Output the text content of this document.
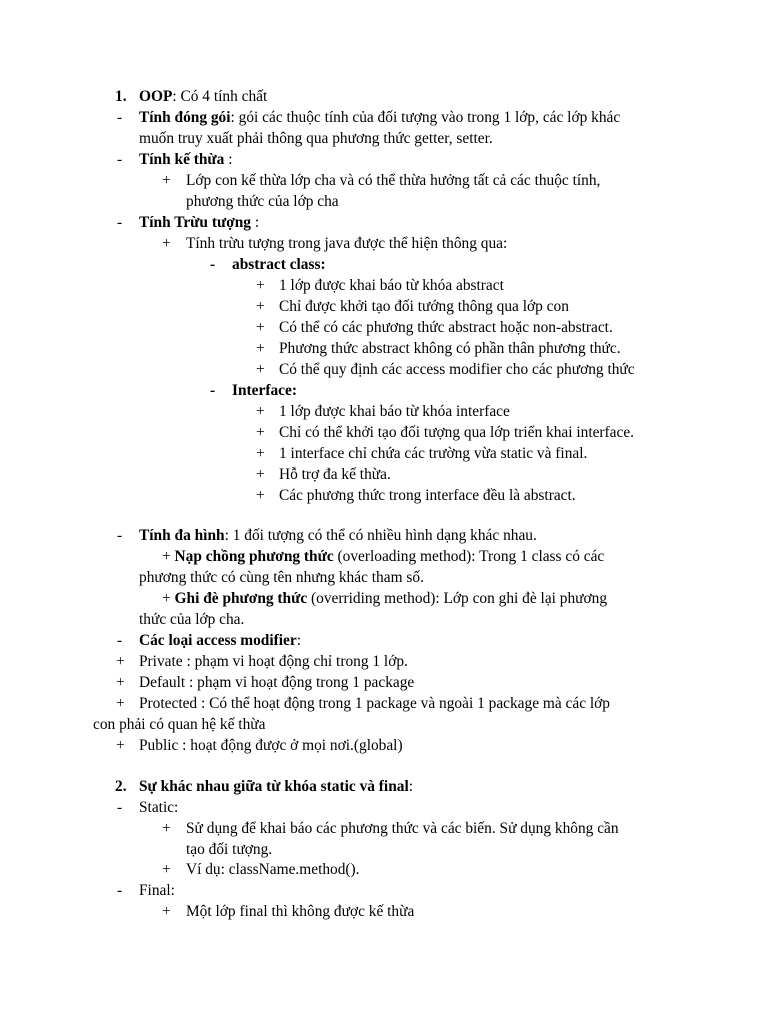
1. OOP: Có 4 tính chất
- Tính đóng gói: gói các thuộc tính của đối tượng vào trong 1 lớp, các lớp khác
muốn truy xuất phải thông qua phương thức getter, setter.
- Tính kế thừa :
+ Lớp con kế thừa lớp cha và có thể thừa hưởng tất cả các thuộc tính,
phương thức của lớp cha
- Tính Trừu tượng :
+ Tính trừu tượng trong java được thể hiện thông qua:
- abstract class:
+ 1 lớp được khai báo từ khóa abstract
+ Chỉ được khởi tạo đối tướng thông qua lớp con
+ Có thể có các phương thức abstract hoặc non-abstract.
+ Phương thức abstract không có phần thân phương thức.
+ Có thể quy định các access modifier cho các phương thức
- Interface:
+ 1 lớp được khai báo từ khóa interface
+ Chỉ có thể khởi tạo đối tượng qua lớp triển khai interface.
+ 1 interface chỉ chứa các trường vừa static và final.
+ Hỗ trợ đa kế thừa.
+ Các phương thức trong interface đều là abstract.
- Tính đa hình: 1 đối tượng có thể có nhiều hình dạng khác nhau.
+ Nạp chồng phương thức (overloading method): Trong 1 class có các
phương thức có cùng tên nhưng khác tham số.
+ Ghi đè phương thức (overriding method): Lớp con ghi đè lại phương
thức của lớp cha.
- Các loại access modifier:
+ Private : phạm vi hoạt động chỉ trong 1 lớp.
+ Default : phạm vi hoạt động trong 1 package
+ Protected : Có thể hoạt động trong 1 package và ngoài 1 package mà các lớp
con phải có quan hệ kế thừa
+ Public : hoạt động được ở mọi nơi.(global)
2. Sự khác nhau giữa từ khóa static và final:
- Static:
+ Sử dụng để khai báo các phương thức và các biến. Sử dụng không cần
tạo đối tượng.
+ Ví dụ: className.method().
- Final:
+ Một lớp final thì không được kế thừa
